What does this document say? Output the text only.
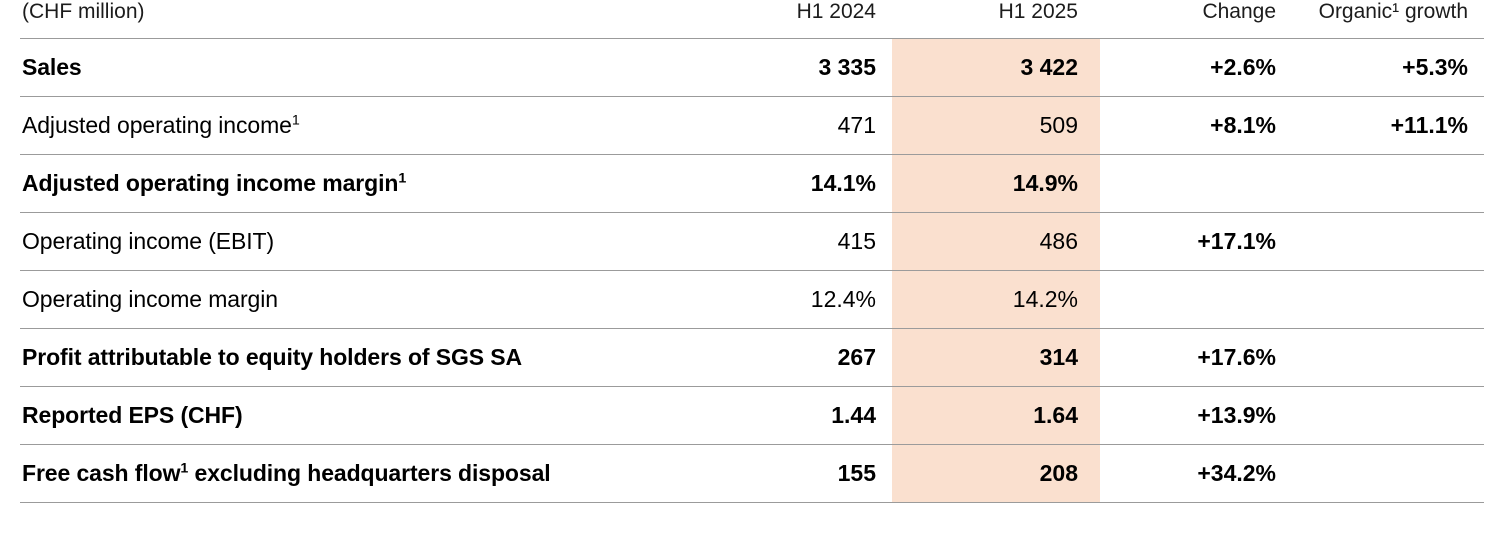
(CHF million)	H1 2024	H1 2025	Change	Organic¹ growth
Sales	3 335	3 422	+2.6%	+5.3%
Adjusted operating income$^1$	471	509	+8.1%	+11.1%
Adjusted operating income margin$^1$	14.1%	14.9%		
Operating income (EBIT)	415	486	+17.1%	
Operating income margin	12.4%	14.2%		
Profit attributable to equity holders of SGS SA	267	314	+17.6%	
Reported EPS (CHF)	1.44	1.64	+13.9%	
Free cash flow$^1$ excluding headquarters disposal	155	208	+34.2%	
